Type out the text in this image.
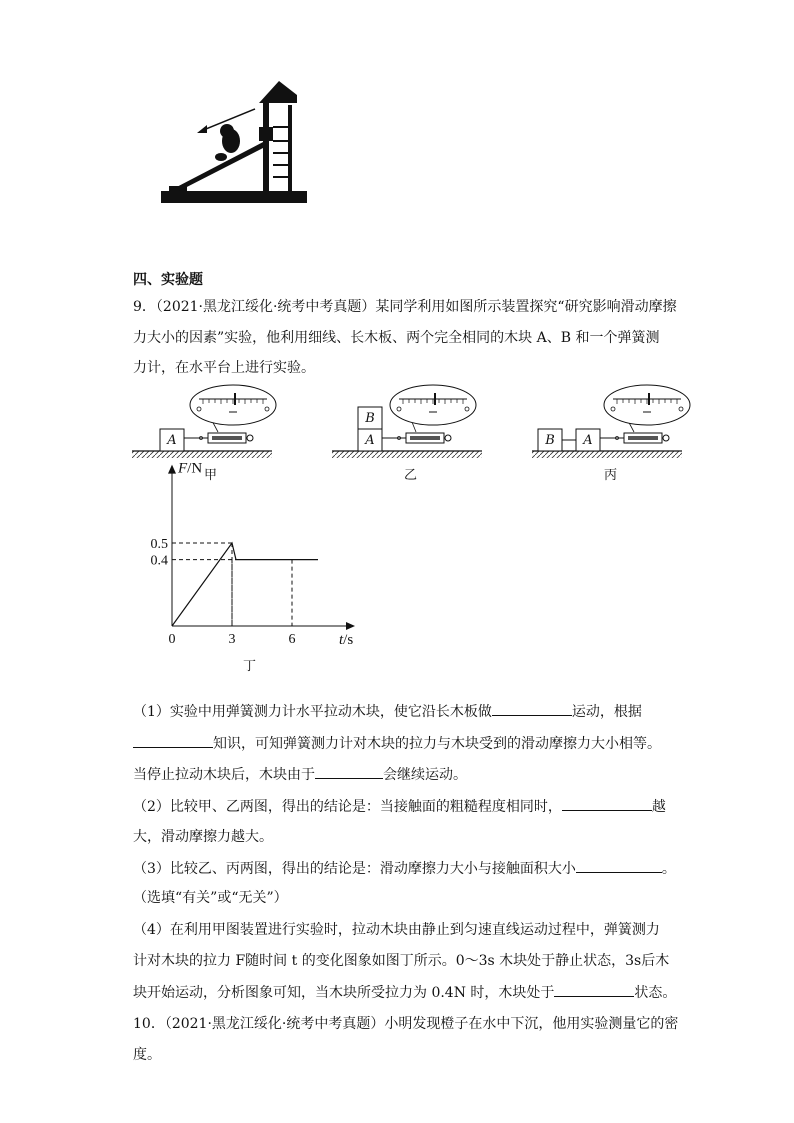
四、实验题
9．（2021·黑龙江绥化·统考中考真题）某同学利用如图所示装置探究“研究影响滑动摩擦
力大小的因素”实验，他利用细线、长木板、两个完全相同的木块 A、B 和一个弹簧测
力计，在水平台上进行实验。
A
B
A	B	A
甲	乙	丙
0	3	6
0.4
0.5
F/N
t/s
丁
（1）实验中用弹簧测力计水平拉动木块，使它沿长木板做	运动，根据
知识，可知弹簧测力计对木块的拉力与木块受到的滑动摩擦力大小相等。
当停止拉动木块后，木块由于	会继续运动。
（2）比较甲、乙两图，得出的结论是：当接触面的粗糙程度相同时，	越
大，滑动摩擦力越大。
（3）比较乙、丙两图，得出的结论是：滑动摩擦力大小与接触面积大小	。
（选填“有关”或“无关”）
（4）在利用甲图装置进行实验时，拉动木块由静止到匀速直线运动过程中，弹簧测力
计对木块的拉力 F随时间 t 的变化图象如图丁所示。0～3s 木块处于静止状态，3s后木
块开始运动，分析图象可知，当木块所受拉力为 0.4N 时，木块处于	状态。
10．（2021·黑龙江绥化·统考中考真题）小明发现橙子在水中下沉，他用实验测量它的密
度。
